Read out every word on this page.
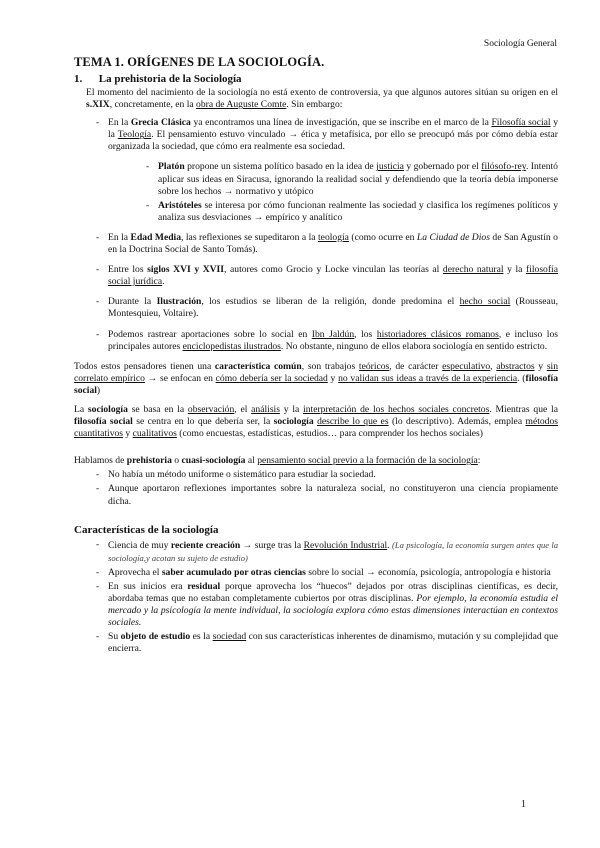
Sociología General
TEMA 1. ORÍGENES DE LA SOCIOLOGÍA.
1. La prehistoria de la Sociología

El momento del nacimiento de la sociología no está exento de controversia, ya que algunos autores sitúan su origen en el s.XIX, concretamente, en la obra de Auguste Comte. Sin embargo:

- En la Grecia Clásica ya encontramos una línea de investigación, que se inscribe en el marco de la Filosofía social y la Teología. El pensamiento estuvo vinculado → ética y metafísica, por ello se preocupó más por cómo debía estar organizada la sociedad, que cómo era realmente esa sociedad.
- Platón propone un sistema político basado en la idea de justicia y gobernado por el filósofo-rey. Intentó aplicar sus ideas en Siracusa, ignorando la realidad social y defendiendo que la teoría debía imponerse sobre los hechos → normativo y utópico
- Aristóteles se interesa por cómo funcionan realmente las sociedad y clasifica los regímenes políticos y analiza sus desviaciones → empírico y analítico
- En la Edad Media, las reflexiones se supeditaron a la teología (como ocurre en La Ciudad de Dios de San Agustín o en la Doctrina Social de Santo Tomás).
- Entre los siglos XVI y XVII, autores como Grocio y Locke vinculan las teorías al derecho natural y la filosofía social jurídica.
- Durante la Ilustración, los estudios se liberan de la religión, donde predomina el hecho social (Rousseau, Montesquieu, Voltaire).
- Podemos rastrear aportaciones sobre lo social en Ibn Jaldún, los historiadores clásicos romanos, e incluso los principales autores enciclopedistas ilustrados. No obstante, ninguno de ellos elabora sociología en sentido estricto.

Todos estos pensadores tienen una característica común, son trabajos teóricos, de carácter especulativo, abstractos y sin correlato empírico → se enfocan en cómo debería ser la sociedad y no validan sus ideas a través de la experiencia. (filosofía social)

La sociología se basa en la observación, el análisis y la interpretación de los hechos sociales concretos. Mientras que la filosofía social se centra en lo que debería ser, la sociología describe lo que es (lo descriptivo). Además, emplea métodos cuantitativos y cualitativos (como encuestas, estadísticas, estudios… para comprender los hechos sociales)

Hablamos de prehistoria o cuasi-sociología al pensamiento social previo a la formación de la sociología:

- No había un método uniforme o sistemático para estudiar la sociedad.
- Aunque aportaron reflexiones importantes sobre la naturaleza social, no constituyeron una ciencia propiamente dicha.
Características de la sociología
- Ciencia de muy reciente creación → surge tras la Revolución Industrial. (La psicología, la economía surgen antes que la sociología,y acotan su sujeto de estudio)
- Aprovecha el saber acumulado por otras ciencias sobre lo social → economía, psicología, antropología e historia
- En sus inicios era residual porque aprovecha los “huecos” dejados por otras disciplinas científicas, es decir, abordaba temas que no estaban completamente cubiertos por otras disciplinas. Por ejemplo, la economía estudia el mercado y la psicología la mente individual, la sociología explora cómo estas dimensiones interactúan en contextos sociales.
- Su objeto de estudio es la sociedad con sus características inherentes de dinamismo, mutación y su complejidad que encierra.
1
